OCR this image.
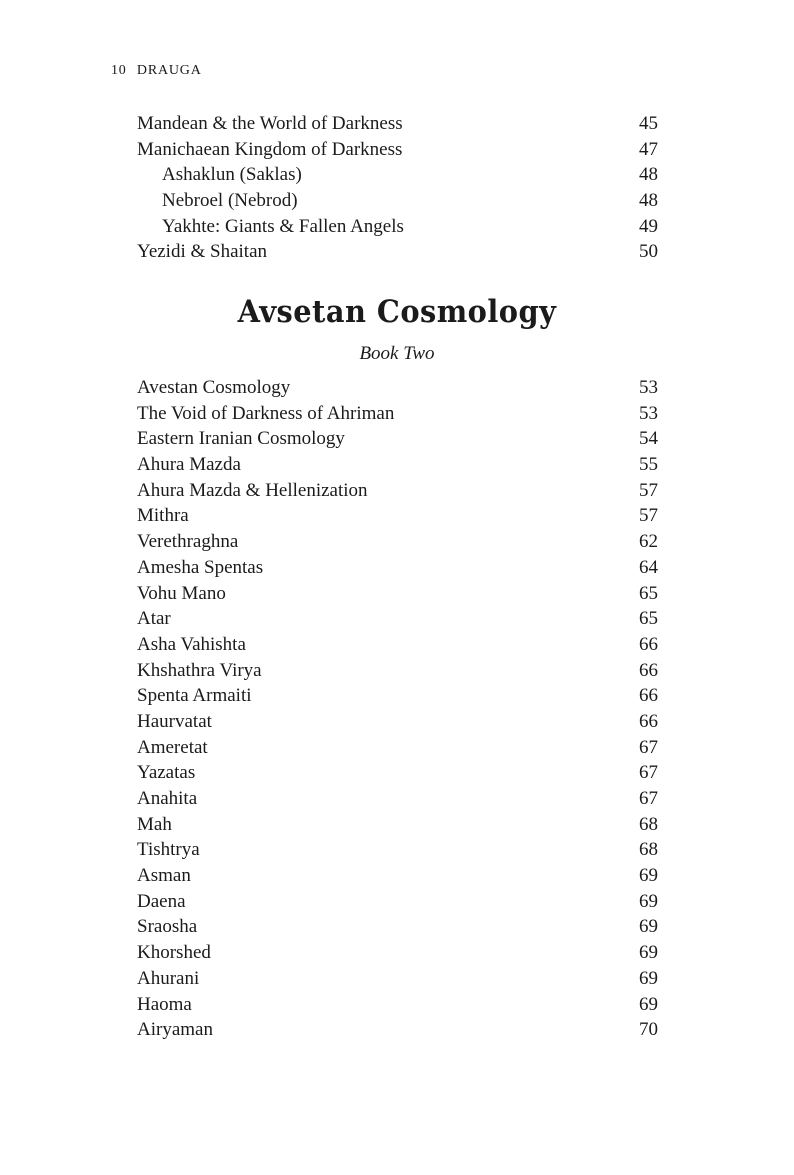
10 DRAUGA
Mandean & the World of Darkness	45
Manichaean Kingdom of Darkness	47
Ashaklun (Saklas)	48
Nebroel (Nebrod)	48
Yakhte: Giants & Fallen Angels	49
Yezidi & Shaitan	50
Avsetan Cosmology
Book Two
Avestan Cosmology	53
The Void of Darkness of Ahriman	53
Eastern Iranian Cosmology	54
Ahura Mazda	55
Ahura Mazda & Hellenization	57
Mithra	57
Verethraghna	62
Amesha Spentas	64
Vohu Mano	65
Atar	65
Asha Vahishta	66
Khshathra Virya	66
Spenta Armaiti	66
Haurvatat	66
Ameretat	67
Yazatas	67
Anahita	67
Mah	68
Tishtrya	68
Asman	69
Daena	69
Sraosha	69
Khorshed	69
Ahurani	69
Haoma	69
Airyaman	70
